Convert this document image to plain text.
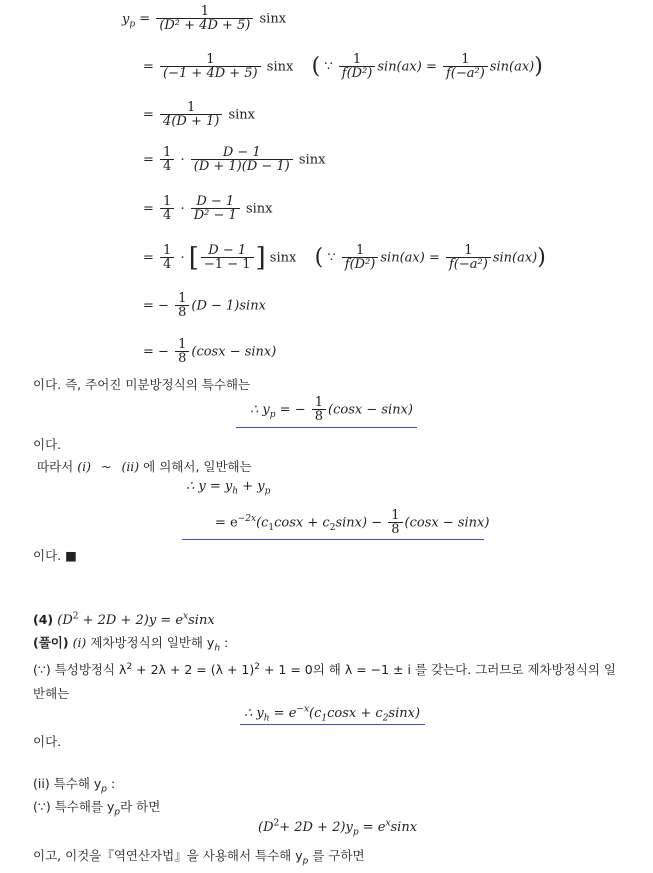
$y_p = \frac{1}{\text{(D² + 4D + 5)}}$ sinx
= $\frac{1}{(-1 + 4D + 5)}$ sinx ( ∵ $\frac{1}{\text{f(D²)}} \sin(ax) = \frac{1}{\text{f(−a²)}} \sin(ax)$)
= $\frac{1}{4(D + 1)}$ sinx
= $\frac{1}{4} \cdot \frac{D - 1}{(D + 1)(D - 1)}$ sinx
= $\frac{1}{4} \cdot \frac{D - 1}{\text{D² − 1}}$ sinx
= $\frac{1}{4}$ · [ $\frac{D - 1}{-1 - 1}$ ] sinx ( ∵ $\frac{1}{\text{f(D²)}} \sin(ax) = \frac{1}{\text{f(−a²)}} \sin(ax)$)
= − $\frac{1}{8} (D - 1)\sin x$
= − $\frac{1}{8} (\cos x - \sin x)$
이다. 즉, 주어진 미분방정식의 특수해는
∴ $y_p$ = − $\frac{1}{8} (\cos x - \sin x)$
이다.
따라서 (i) ~ (ii) 에 의해서, 일반해는
∴ $y = y_h + y_p$
= $e^{-2x}(c_1\cos x + c_2\sin x) - \frac{1}{8} (\cos x - \sin x)$
이다. ■
(4) $(D^2 + 2D + 2)y = e^x\sin x$
(풀이) (i) 제차방정식의 일반해 $y_h$ :
(∵) 특성방정식 $\lambda^2 + 2\lambda + 2 = (\lambda + 1)^2 + 1 = 0$의 해 λ = −1 ± i 를 갖는다. 그러므로 제차방정식의 일
반해는
∴ $y_h = e^{-x}(c_1\cos x + c_2\sin x)$
이다.
(ii) 특수해 $y_p$ :
(∵) 특수해를 $y_p$라 하면
$(D^2+ 2D + 2)y_p = e^x\sin x$
이고, 이것을『역연산자법』을 사용해서 특수해 $y_p$ 를 구하면
